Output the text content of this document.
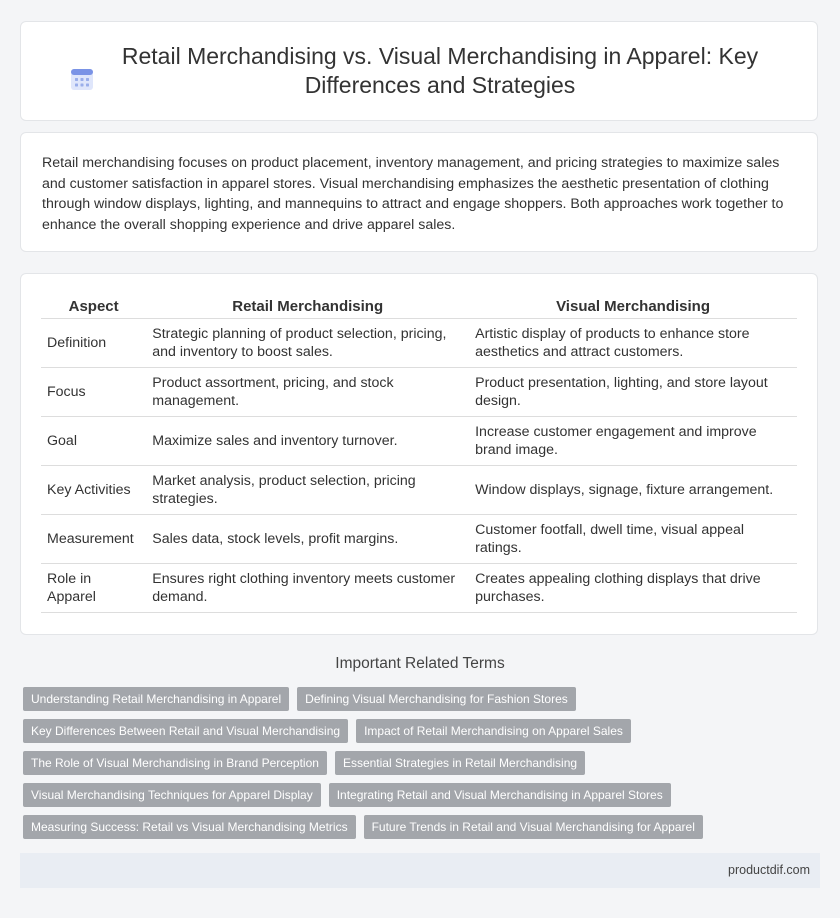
Retail Merchandising vs. Visual Merchandising in Apparel: Key Differences and Strategies

Retail merchandising focuses on product placement, inventory management, and pricing strategies to maximize sales and customer satisfaction in apparel stores. Visual merchandising emphasizes the aesthetic presentation of clothing through window displays, lighting, and mannequins to attract and engage shoppers. Both approaches work together to enhance the overall shopping experience and drive apparel sales.

Aspect	Retail Merchandising	Visual Merchandising
Definition	Strategic planning of product selection, pricing, and inventory to boost sales.	Artistic display of products to enhance store aesthetics and attract customers.
Focus	Product assortment, pricing, and stock management.	Product presentation, lighting, and store layout design.
Goal	Maximize sales and inventory turnover.	Increase customer engagement and improve brand image.
Key Activities	Market analysis, product selection, pricing strategies.	Window displays, signage, fixture arrangement.
Measurement	Sales data, stock levels, profit margins.	Customer footfall, dwell time, visual appeal ratings.
Role in Apparel	Ensures right clothing inventory meets customer demand.	Creates appealing clothing displays that drive purchases.
Important Related Terms
Understanding Retail Merchandising in Apparel	Defining Visual Merchandising for Fashion Stores
Key Differences Between Retail and Visual Merchandising	Impact of Retail Merchandising on Apparel Sales
The Role of Visual Merchandising in Brand Perception	Essential Strategies in Retail Merchandising
Visual Merchandising Techniques for Apparel Display	Integrating Retail and Visual Merchandising in Apparel Stores
Measuring Success: Retail vs Visual Merchandising Metrics	Future Trends in Retail and Visual Merchandising for Apparel
productdif.com
